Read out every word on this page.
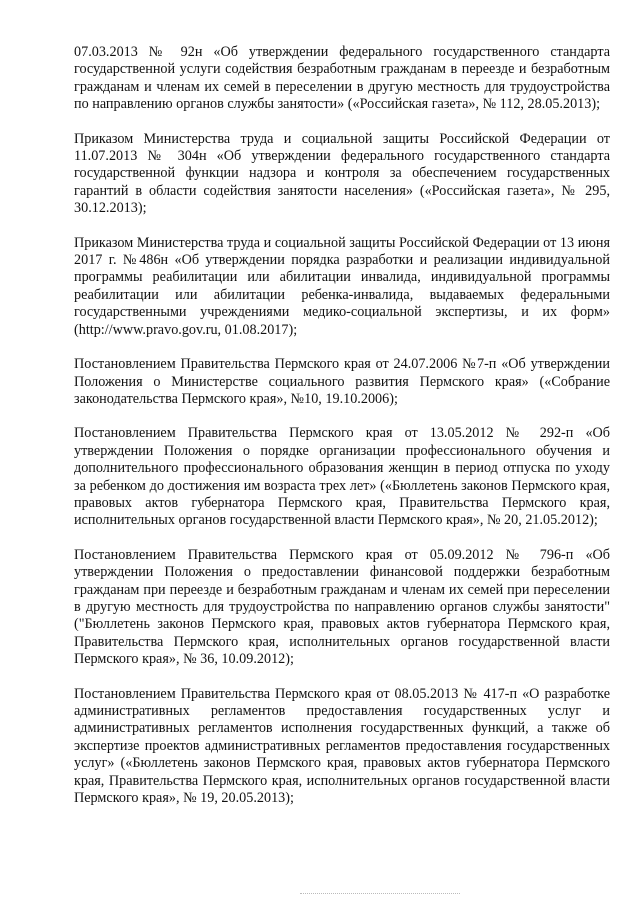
07.03.2013 № 92н «Об утверждении федерального государственного стандарта государственной услуги содействия безработным гражданам в переезде и безработным гражданам и членам их семей в переселении в другую местность для трудоустройства по направлению органов службы занятости» («Российская газета», № 112, 28.05.2013);

Приказом Министерства труда и социальной защиты Российской Федерации от 11.07.2013 № 304н «Об утверждении федерального государственного стандарта государственной функции надзора и контроля за обеспечением государственных гарантий в области содействия занятости населения» («Российская газета», № 295, 30.12.2013);

Приказом Министерства труда и социальной защиты Российской Федерации от 13 июня 2017 г. №486н «Об утверждении порядка разработки и реализации индивидуальной программы реабилитации или абилитации инвалида, индивидуальной программы реабилитации или абилитации ребенка-инвалида, выдаваемых федеральными государственными учреждениями медико-социальной экспертизы, и их форм» (http://www.pravo.gov.ru, 01.08.2017);

Постановлением Правительства Пермского края от 24.07.2006 №7-п «Об утверждении Положения о Министерстве социального развития Пермского края» («Собрание законодательства Пермского края», №10, 19.10.2006);

Постановлением Правительства Пермского края от 13.05.2012 № 292-п «Об утверждении Положения о порядке организации профессионального обучения и дополнительного профессионального образования женщин в период отпуска по уходу за ребенком до достижения им возраста трех лет» («Бюллетень законов Пермского края, правовых актов губернатора Пермского края, Правительства Пермского края, исполнительных органов государственной власти Пермского края», № 20, 21.05.2012);

Постановлением Правительства Пермского края от 05.09.2012 № 796-п «Об утверждении Положения о предоставлении финансовой поддержки безработным гражданам при переезде и безработным гражданам и членам их семей при переселении в другую местность для трудоустройства по направлению органов службы занятости" ("Бюллетень законов Пермского края, правовых актов губернатора Пермского края, Правительства Пермского края, исполнительных органов государственной власти Пермского края», № 36, 10.09.2012);

Постановлением Правительства Пермского края от 08.05.2013 № 417-п «О разработке административных регламентов предоставления государственных услуг и административных регламентов исполнения государственных функций, а также об экспертизе проектов административных регламентов предоставления государственных услуг» («Бюллетень законов Пермского края, правовых актов губернатора Пермского края, Правительства Пермского края, исполнительных органов государственной власти Пермского края», № 19, 20.05.2013);
